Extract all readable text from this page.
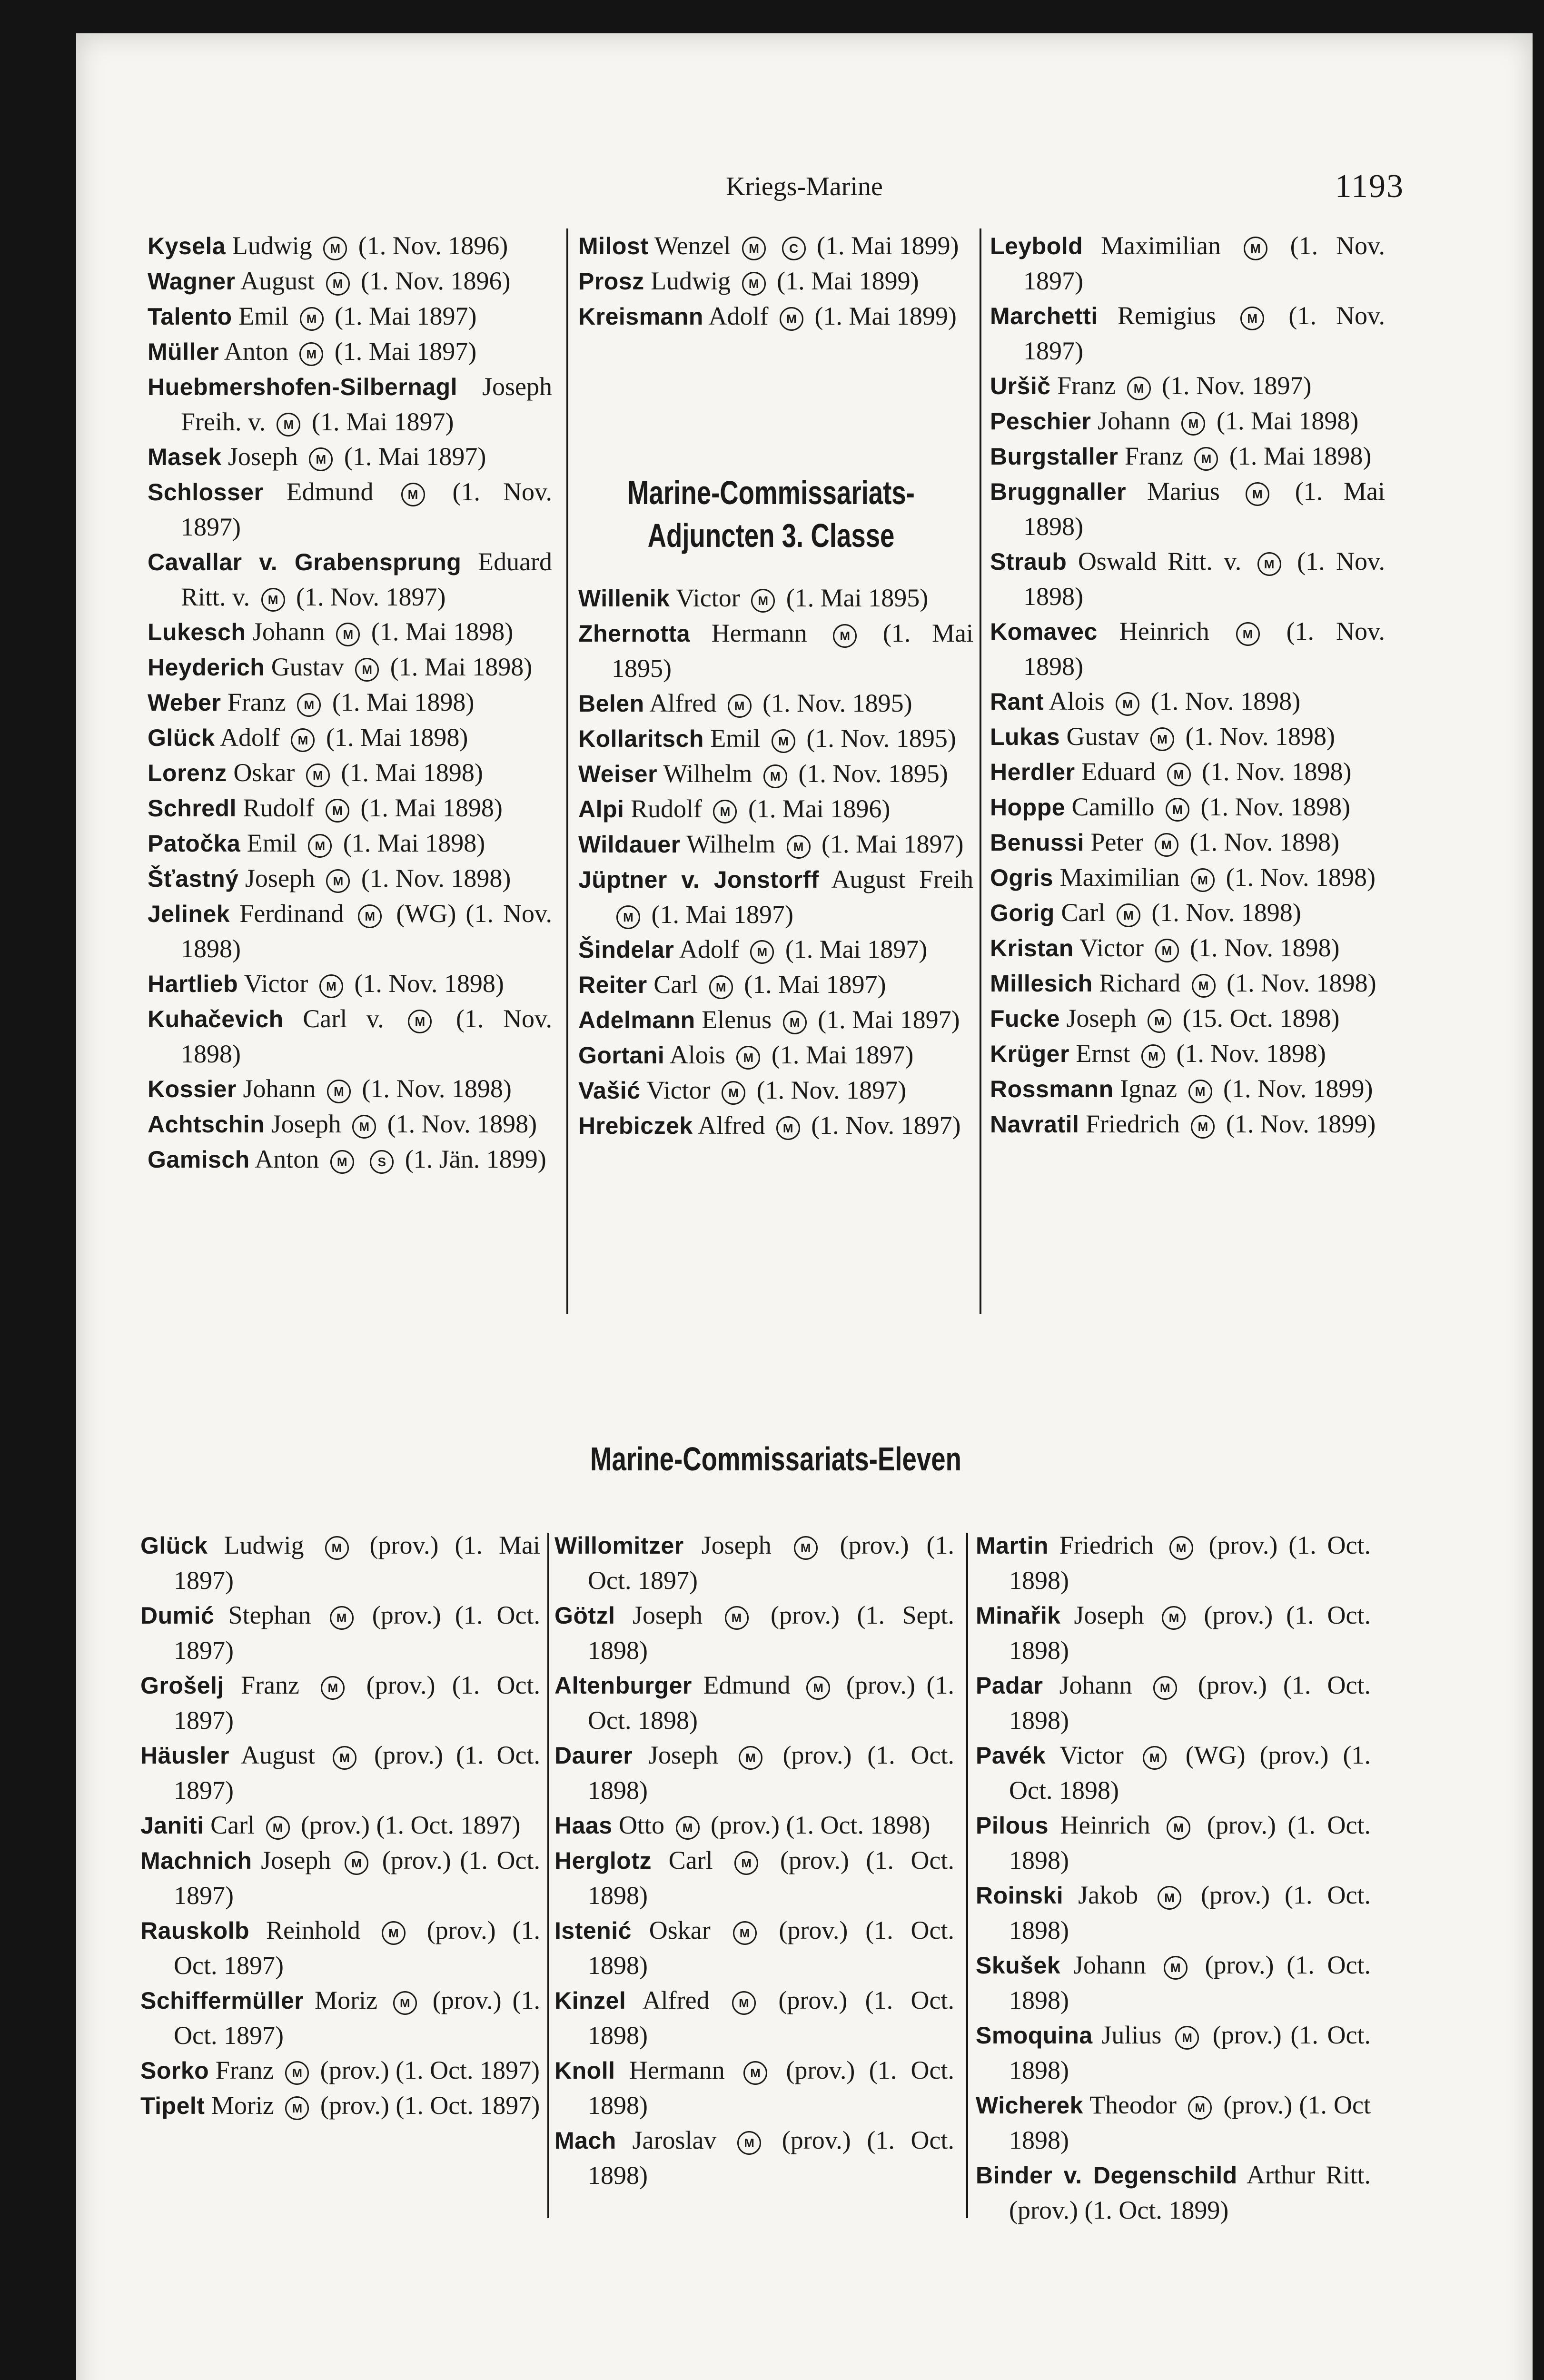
Kriegs-Marine	1193

Kysela Ludwig M (1. Nov. 1896)

Wagner August M (1. Nov. 1896)

Talento Emil M (1. Mai 1897)

Müller Anton M (1. Mai 1897)

Huebmershofen-Silbernagl Joseph Freih. v. M (1. Mai 1897)

Masek Joseph M (1. Mai 1897)

Schlosser Edmund M (1. Nov. 1897)

Cavallar v. Grabensprung Eduard Ritt. v. M (1. Nov. 1897)

Lukesch Johann M (1. Mai 1898)

Heyderich Gustav M (1. Mai 1898)

Weber Franz M (1. Mai 1898)

Glück Adolf M (1. Mai 1898)

Lorenz Oskar M (1. Mai 1898)

Schredl Rudolf M (1. Mai 1898)

Patočka Emil M (1. Mai 1898)

Šťastný Joseph M (1. Nov. 1898)

Jelinek Ferdinand M (WG) (1. Nov. 1898)

Hartlieb Victor M (1. Nov. 1898)

Kuhačevich Carl v. M (1. Nov. 1898)

Kossier Johann M (1. Nov. 1898)

Achtschin Joseph M (1. Nov. 1898)

Gamisch Anton M S (1. Jän. 1899)

Milost Wenzel M C (1. Mai 1899)

Prosz Ludwig M (1. Mai 1899)

Kreismann Adolf M (1. Mai 1899)

Marine-Commissariats-
Adjuncten 3. Classe

Willenik Victor M (1. Mai 1895)

Zhernotta Hermann M (1. Mai 1895)

Belen Alfred M (1. Nov. 1895)

Kollaritsch Emil M (1. Nov. 1895)

Weiser Wilhelm M (1. Nov. 1895)

Alpi Rudolf M (1. Mai 1896)

Wildauer Wilhelm M (1. Mai 1897)

Jüptner v. Jonstorff August Freih M (1. Mai 1897)

Šindelar Adolf M (1. Mai 1897)

Reiter Carl M (1. Mai 1897)

Adelmann Elenus M (1. Mai 1897)

Gortani Alois M (1. Mai 1897)

Vašić Victor M (1. Nov. 1897)

Hrebiczek Alfred M (1. Nov. 1897)

Leybold Maximilian M (1. Nov. 1897)

Marchetti Remigius M (1. Nov. 1897)

Uršič Franz M (1. Nov. 1897)

Peschier Johann M (1. Mai 1898)

Burgstaller Franz M (1. Mai 1898)

Bruggnaller Marius M (1. Mai 1898)

Straub Oswald Ritt. v. M (1. Nov. 1898)

Komavec Heinrich M (1. Nov. 1898)

Rant Alois M (1. Nov. 1898)

Lukas Gustav M (1. Nov. 1898)

Herdler Eduard M (1. Nov. 1898)

Hoppe Camillo M (1. Nov. 1898)

Benussi Peter M (1. Nov. 1898)

Ogris Maximilian M (1. Nov. 1898)

Gorig Carl M (1. Nov. 1898)

Kristan Victor M (1. Nov. 1898)

Millesich Richard M (1. Nov. 1898)

Fucke Joseph M (15. Oct. 1898)

Krüger Ernst M (1. Nov. 1898)

Rossmann Ignaz M (1. Nov. 1899)

Navratil Friedrich M (1. Nov. 1899)

Marine-Commissariats-Eleven

Glück Ludwig M (prov.) (1. Mai 1897)

Dumić Stephan M (prov.) (1. Oct. 1897)

Grošelj Franz M (prov.) (1. Oct. 1897)

Häusler August M (prov.) (1. Oct. 1897)

Janiti Carl M (prov.) (1. Oct. 1897)

Machnich Joseph M (prov.) (1. Oct. 1897)

Rauskolb Reinhold M (prov.) (1. Oct. 1897)

Schiffermüller Moriz M (prov.) (1. Oct. 1897)

Sorko Franz M (prov.) (1. Oct. 1897)

Tipelt Moriz M (prov.) (1. Oct. 1897)

Willomitzer Joseph M (prov.) (1. Oct. 1897)

Götzl Joseph M (prov.) (1. Sept. 1898)

Altenburger Edmund M (prov.) (1. Oct. 1898)

Daurer Joseph M (prov.) (1. Oct. 1898)

Haas Otto M (prov.) (1. Oct. 1898)

Herglotz Carl M (prov.) (1. Oct. 1898)

Istenić Oskar M (prov.) (1. Oct. 1898)

Kinzel Alfred M (prov.) (1. Oct. 1898)

Knoll Hermann M (prov.) (1. Oct. 1898)

Mach Jaroslav M (prov.) (1. Oct. 1898)

Martin Friedrich M (prov.) (1. Oct. 1898)

Minařik Joseph M (prov.) (1. Oct. 1898)

Padar Johann M (prov.) (1. Oct. 1898)

Pavék Victor M (WG) (prov.) (1. Oct. 1898)

Pilous Heinrich M (prov.) (1. Oct. 1898)

Roinski Jakob M (prov.) (1. Oct. 1898)

Skušek Johann M (prov.) (1. Oct. 1898)

Smoquina Julius M (prov.) (1. Oct. 1898)

Wicherek Theodor M (prov.) (1. Oct 1898)

Binder v. Degenschild Arthur Ritt. (prov.) (1. Oct. 1899)
